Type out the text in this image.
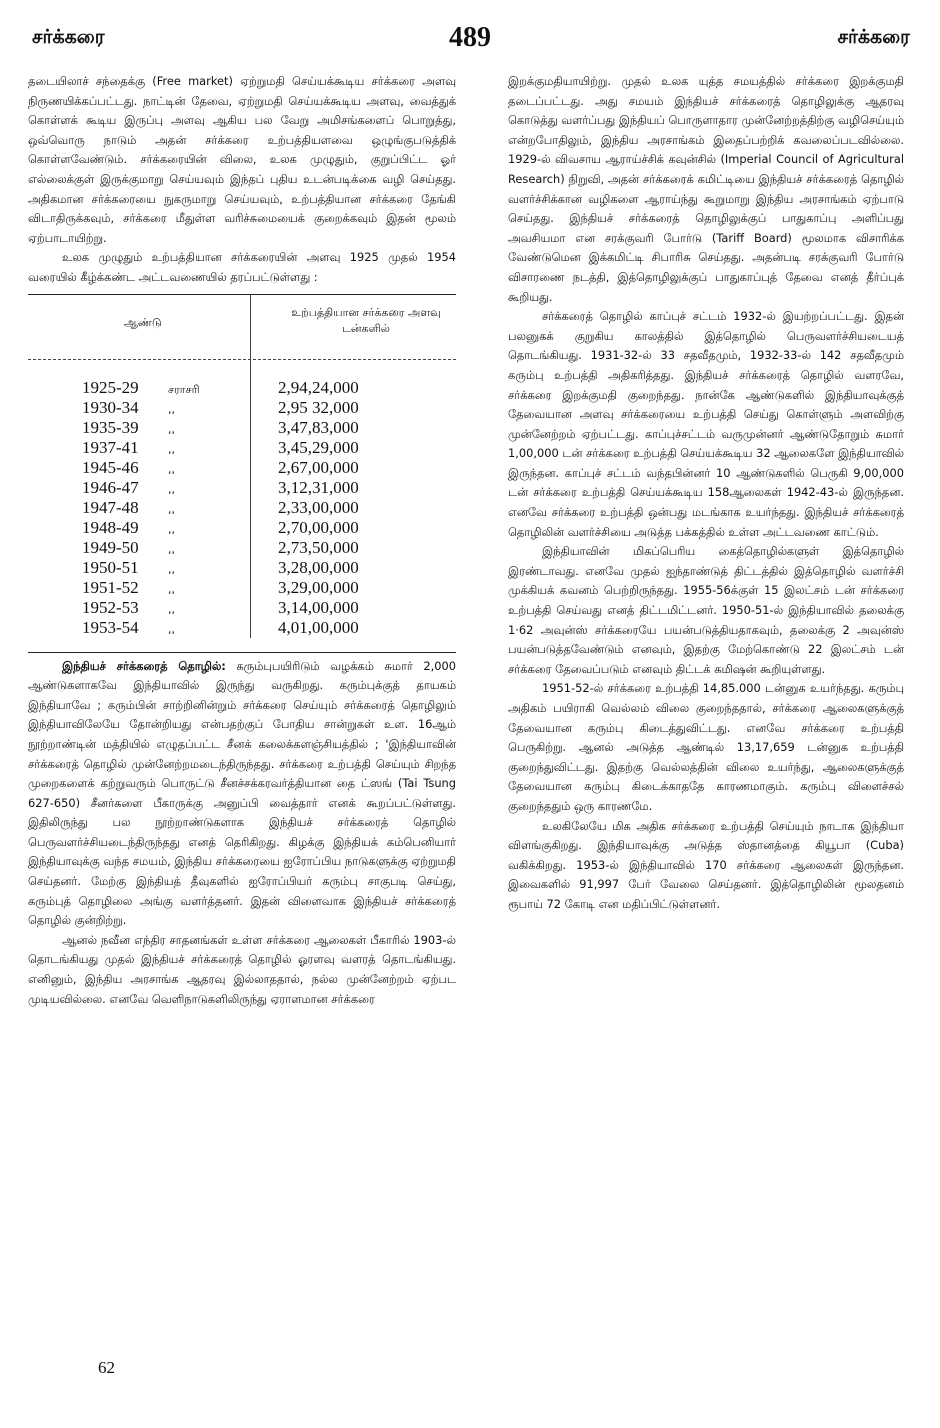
சர்க்கரை	489	சர்க்கரை

தடையிலாச் சந்தைக்கு (Free market) ஏற்றுமதி செய்யக்கூடிய சர்க்கரை அளவு நிருணயிக்கப்பட்டது. நாட்டின் தேவை, ஏற்றுமதி செய்யக்கூடிய அளவு, வைத்துக் கொள்ளக் கூடிய இருப்பு அளவு ஆகிய பல வேறு அமிசங்களைப் பொறுத்து, ஒவ்வொரு நாடும் அதன் சர்க்கரை உற்பத்தியளவை ஒழுங்குபடுத்திக் கொள்ளவேண்டும். சர்க்கரையின் விலை, உலக முழுதும், குறுப்பிட்ட ஓர் எல்லைக்குள் இருக்குமாறு செய்யவும் இந்தப் புதிய உடன்படிக்கை வழி செய்தது. அதிகமான சர்க்கரையை நுகருமாறு செய்யவும், உற்பத்தியான சர்க்கரை தேங்கி விடாதிருக்கவும், சர்க்கரை மீதுள்ள வரிச்சுமையைக் குறைக்கவும் இதன் மூலம் ஏற்பாடாயிற்று.

உலக முழுதும் உற்பத்தியான சர்க்கரையின் அளவு 1925 முதல் 1954 வரையில் கீழ்க்கண்ட அட்டவணையில் தரப்பட்டுள்ளது :

ஆண்டு
உற்பத்தியான சர்க்கரை அளவு டன்களில்
1925-29	சராசரி	2,94,24,000
1930-34	,,	2,95 32,000
1935-39	,,	3,47,83,000
1937-41	,,	3,45,29,000
1945-46	,,	2,67,00,000
1946-47	,,	3,12,31,000
1947-48	,,	2,33,00,000
1948-49	,,	2,70,00,000
1949-50	,,	2,73,50,000
1950-51	,,	3,28,00,000
1951-52	,,	3,29,00,000
1952-53	,,	3,14,00,000
1953-54	,,	4,01,00,000

இந்தியச் சர்க்கரைத் தொழில்: கரும்புபயிரிடும் வழக்கம் சுமார் 2,000 ஆண்டுகளாகவே இந்தியாவில் இருந்து வருகிறது. கரும்புக்குத் தாயகம் இந்தியாவே ; கரும்பின் சாற்றினின்றும் சர்க்கரை செய்யும் சர்க்கரைத் தொழிலும் இந்தியாவிலேயே தோன்றியது என்பதற்குப் போதிய சான்றுகள் உள. 16ஆம் நூற்றாண்டின் மத்தியில் எழுதப்பட்ட சீனக் கலைக்களஞ்சியத்தில் ; 'இந்தியாவின் சர்க்கரைத் தொழில் முன்னேற்றமடைந்திருந்தது. சர்க்கரை உற்பத்தி செய்யும் சிறந்த முறைகளைக் கற்றுவரும் பொருட்டு சீனச்சக்கரவர்த்தியான தை ட்ஸங் (Tai Tsung 627-650) சீனர்களை பீகாருக்கு அனுப்பி வைத்தார் எனக் கூறப்பட்டுள்ளது. இதிலிருந்து பல நூற்றாண்டுகளாக இந்தியச் சர்க்கரைத் தொழில் பெருவளர்ச்சியடைந்திருந்தது எனத் தெரிகிறது. கிழக்கு இந்தியக் கம்பெனியார் இந்தியாவுக்கு வந்த சமயம், இந்திய சர்க்கரையை ஐரோப்பிய நாடுகளுக்கு ஏற்றுமதி செய்தனர். மேற்கு இந்தியத் தீவுகளில் ஐரோப்பியர் கரும்பு சாகுபடி செய்து, கரும்புத் தொழிலை அங்கு வளர்த்தனர். இதன் விளைவாக இந்தியச் சர்க்கரைத் தொழில் குன்றிற்று.

ஆனல் நவீன எந்திர சாதனங்கள் உள்ள சர்க்கரை ஆலைகள் பீகாரில் 1903-ல் தொடங்கியது முதல் இந்தியச் சர்க்கரைத் தொழில் ஓரளவு வளரத் தொடங்கியது. எனினும், இந்திய அரசாங்க ஆதரவு இல்லாததால், நல்ல முன்னேற்றம் ஏற்பட முடியவில்லை. எனவே வெளிநாடுகளிலிருந்து ஏராளமான சர்க்கரை

இறக்குமதியாயிற்று. முதல் உலக யுத்த சமயத்தில் சர்க்கரை இறக்குமதி தடைப்பட்டது. அது சமயம் இந்தியச் சர்க்கரைத் தொழிலுக்கு ஆதரவு கொடுத்து வளர்ப்பது இந்தியப் பொருளாதார முன்னேற்றத்திற்கு வழிசெய்யும் என்றபோதிலும், இந்திய அரசாங்கம் இதைப்பற்றிக் கவலைப்படவில்லை. 1929-ல் விவசாய ஆராய்ச்சிக் கவுன்சில் (Imperial Council of Agricultural Research) நிறுவி, அதன் சர்க்கரைக் கமிட்டியை இந்தியச் சர்க்கரைத் தொழில் வளர்ச்சிக்கான வழிகளை ஆராய்ந்து கூறுமாறு இந்திய அரசாங்கம் ஏற்பாடு செய்தது. இந்தியச் சர்க்கரைத் தொழிலுக்குப் பாதுகாப்பு அளிப்பது அவசியமா என சரக்குவரி போர்டு (Tariff Board) மூலமாக விசாரிக்க வேண்டுமென இக்கமிட்டி சிபாரிசு செய்தது. அதன்படி சரக்குவரி போர்டு விசாரணை நடத்தி, இத்தொழிலுக்குப் பாதுகாப்புத் தேவை எனத் தீர்ப்புக் கூறியது.

சர்க்கரைத் தொழில் காப்புச் சட்டம் 1932-ல் இயற்றப்பட்டது. இதன் பலனுகக் குறுகிய காலத்தில் இத்தொழில் பெருவளர்ச்சியடையத் தொடங்கியது. 1931-32-ல் 33 சதவீதமும், 1932-33-ல் 142 சதவீதமும் கரும்பு உற்பத்தி அதிகரித்தது. இந்தியச் சர்க்கரைத் தொழில் வளரவே, சர்க்கரை இறக்குமதி குறைந்தது. நான்கே ஆண்டுகளில் இந்தியாவுக்குத் தேவையான அளவு சர்க்கரையை உற்பத்தி செய்து கொள்ளும் அளவிற்கு முன்னேற்றம் ஏற்பட்டது. காப்புச்சட்டம் வருமுன்னர் ஆண்டுதோறும் சுமார் 1,00,000 டன் சர்க்கரை உற்பத்தி செய்யக்கூடிய 32 ஆலைகளே இந்தியாவில் இருந்தன. காப்புச் சட்டம் வந்தபின்னர் 10 ஆண்டுகளில் பெருகி 9,00,000 டன் சர்க்கரை உற்பத்தி செய்யக்கூடிய 158ஆலைகள் 1942-43-ல் இருந்தன. எனவே சர்க்கரை உற்பத்தி ஒன்பது மடங்காக உயர்ந்தது. இந்தியச் சர்க்கரைத் தொழிலின் வளர்ச்சியை அடுத்த பக்கத்தில் உள்ள அட்டவணை காட்டும்.

இந்தியாவின் மிகப்பெரிய கைத்தொழில்களுள் இத்தொழில் இரண்டாவது. எனவே முதல் ஐந்தாண்டுத் திட்டத்தில் இத்தொழில் வளர்ச்சி முக்கியக் கவனம் பெற்றிருந்தது. 1955-56க்குள் 15 இலட்சம் டன் சர்க்கரை உற்பத்தி செய்வது எனத் திட்டமிட்டனர். 1950-51-ல் இந்தியாவில் தலைக்கு 1·62 அவுன்ஸ் சர்க்கரையே பயன்படுத்தியதாகவும், தலைக்கு 2 அவுன்ஸ் பயன்படுத்தவேண்டும் எனவும், இதற்கு மேற்கொண்டு 22 இலட்சம் டன் சர்க்கரை தேவைப்படும் எனவும் திட்டக் கமிஷன் கூறியுள்ளது.

1951-52-ல் சர்க்கரை உற்பத்தி 14,85.000 டன்னுக உயர்ந்தது. கரும்பு அதிகம் பயிராகி வெல்லம் விலை குறைந்ததால், சர்க்கரை ஆலைகளுக்குத் தேவையான கரும்பு கிடைத்துவிட்டது. எனவே சர்க்கரை உற்பத்தி பெருகிற்று. ஆனல் அடுத்த ஆண்டில் 13,17,659 டன்னுக உற்பத்தி குறைந்துவிட்டது. இதற்கு வெல்லத்தின் விலை உயர்ந்து, ஆலைகளுக்குத் தேவையான கரும்பு கிடைக்காததே காரணமாகும். கரும்பு விளைச்சல் குறைந்ததும் ஒரு காரணமே.

உலகிலேயே மிக அதிக சர்க்கரை உற்பத்தி செய்யும் நாடாக இந்தியா விளங்குகிறது. இந்தியாவுக்கு அடுத்த ஸ்தானத்தை கியூபா (Cuba) வகிக்கிறது. 1953-ல் இந்தியாவில் 170 சர்க்கரை ஆலைகள் இருந்தன. இவைகளில் 91,997 பேர் வேலை செய்தனர். இத்தொழிலின் மூலதனம் ரூபாய் 72 கோடி என மதிப்பிட்டுள்ளனர்.

62
